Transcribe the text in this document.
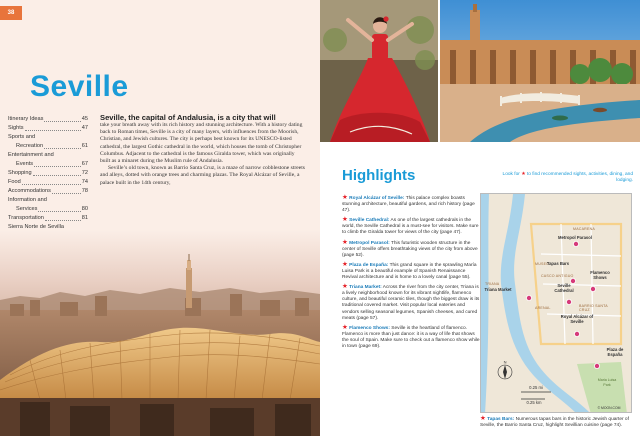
38
Seville
Itinerary Ideas	45
Sights	47
Sports and
Recreation	61
Entertainment and
Events	67
Shopping	72
Food	74
Accommodations	78
Information and
Services	80
Transportation	81
Sierra Norte de Sevilla
Seville, the capital of Andalusia, is a city that will

take your breath away with its rich history and stunning architecture. With a history dating back to Roman times, Seville is a city of many layers, with influences from the Moorish, Christian, and Jewish cultures. The city is perhaps best known for its UNESCO-listed cathedral, the largest Gothic cathedral in the world, which houses the tomb of Christopher Columbus. Adjacent to the cathedral is the famous Giralda tower, which was originally built as a minaret during the Muslim rule of Andalusia.

Seville’s old town, known as Barrio Santa Cruz, is a maze of narrow cobblestone streets and alleys, dotted with orange trees and charming plazas. The Royal Alcázar of Seville, a palace built in the 14th century,	Highlights	Look for ★ to find recommended sights, activities, dining, and lodging.
★ Royal Alcázar of Seville: This palace complex boasts stunning architecture, beautiful gardens, and rich history (page 47).
★ Seville Cathedral: As one of the largest cathedrals in the world, the Seville Cathedral is a must-see for visitors. Make sure to climb the Giralda tower for views of the city (page 47).
★ Metropol Parasol: This futuristic wooden structure in the center of Seville offers breathtaking views of the city from above (page 52).
★ Plaza de España: This grand square in the sprawling María Luisa Park is a beautiful example of Spanish Renaissance Revival architecture and is home to a lovely canal (page 55).
★ Triana Market: Across the river from the city center, Triana is a lively neighborhood known for its vibrant nightlife, flamenco culture, and beautiful ceramic tiles, though the biggest draw is its traditional covered market. Visit popular local eateries and vendors selling seasonal legumes, Spanish cheeses, and cured meats (page 57).
★ Flamenco Shows: Seville is the heartland of flamenco. Flamenco is more than just dance: it is a way of life that shows the soul of Spain. Make sure to check out a flamenco show while in town (page 69).
N
MACARENA
MUSEO
CASCO ANTIGUO
BARRIO SANTA CRUZ
TRIANA
ARENAL
Metropol Parasol
Tapas Bars
Flamenco Shows
Seville Cathedral
Triana Market
Royal Alcázar of Seville
Plaza de España
Maria Luisa Park
0.25 mi
0.25 km
© MOON.COM
★ Tapas Bars: Numerous tapas bars in the historic Jewish quarter of Seville, the Barrio Santa Cruz, highlight Sevillian cuisine (page 74).
